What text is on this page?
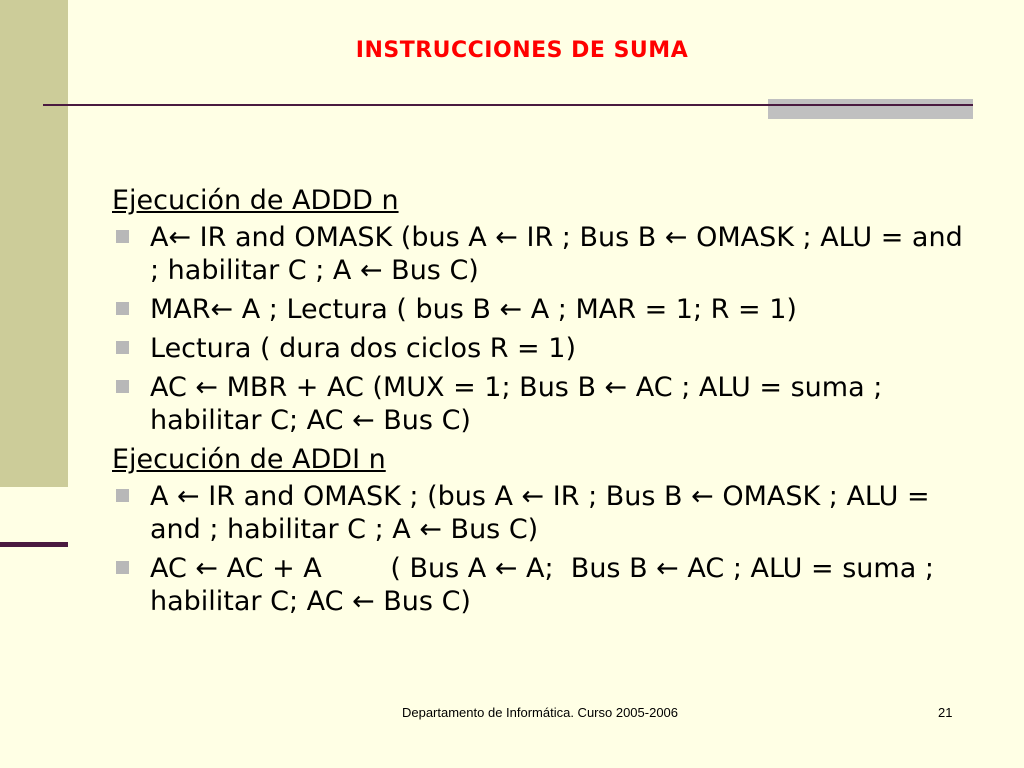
INSTRUCCIONES DE SUMA
Ejecución de ADDD n
A← IR and OMASK (bus A ← IR ; Bus B ← OMASK ; ALU = and ; habilitar C ; A ← Bus C)
MAR← A ; Lectura ( bus B ← A ; MAR = 1; R = 1)
Lectura ( dura dos ciclos R = 1)
AC ← MBR + AC (MUX = 1; Bus B ← AC ; ALU = suma ; habilitar C; AC ← Bus C)
Ejecución de ADDI n
A ← IR and OMASK ; (bus A ← IR ; Bus B ← OMASK ; ALU = and ; habilitar C ; A ← Bus C)
AC ← AC + A        ( Bus A ← A;  Bus B ← AC ; ALU = suma ; habilitar C; AC ← Bus C)
Departamento de Informática. Curso 2005-2006	21
